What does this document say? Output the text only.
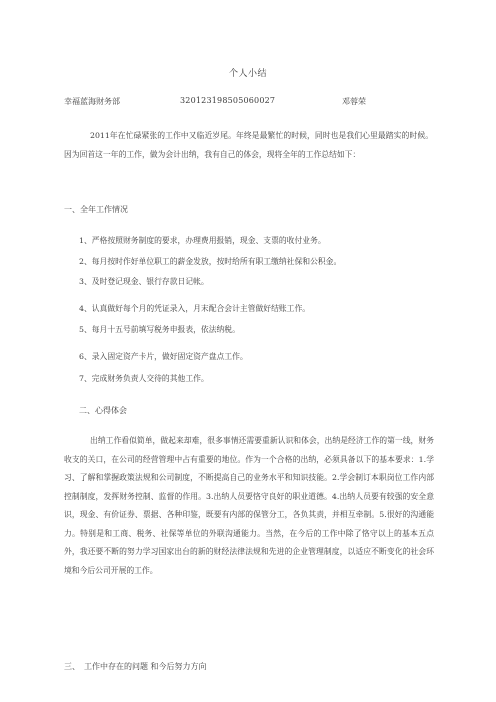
个人小结
幸福蓝海财务部	320123198505060027	邓蓉荣
2011年在忙碌紧张的工作中又临近岁尾。年终是最繁忙的时候，同时也是我们心里最踏实的时候。因为回首这一年的工作，做为会计出纳，我有自己的体会，现将全年的工作总结如下：
一、全年工作情况
1、严格按照财务制度的要求，办理费用报销，现金、支票的收付业务。
2、每月按时作好单位职工的薪金发放，按时给所有职工缴纳社保和公积金。
3、及时登记现金、银行存款日记帐。
4、认真做好每个月的凭证录入，月末配合会计主管做好结账工作。
5、每月十五号前填写税务申报表，依法纳税。
6、录入固定资产卡片，做好固定资产盘点工作。
7、完成财务负责人交待的其他工作。
二、心得体会
出纳工作看似简单，做起来却难，很多事情还需要重新认识和体会，出纳是经济工作的第一线，财务收支的关口，在公司的经营管理中占有重要的地位。作为一个合格的出纳，必须具备以下的基本要求：1.学习、了解和掌握政策法规和公司制度，不断提高自己的业务水平和知识技能。2.学会制订本职岗位工作内部控制制度，发挥财务控制、监督的作用。3.出纳人员要恪守良好的职业道德。4.出纳人员要有较强的安全意识，现金、有价证券、票据、各种印鉴，既要有内部的保管分工，各负其责，并相互牵制。5.很好的沟通能力。特别是和工商、税务、社保等单位的外联沟通能力。当然，在今后的工作中除了恪守以上的基本五点外，我还要不断的努力学习国家出台的新的财经法律法规和先进的企业管理制度，以适应不断变化的社会环境和今后公司开展的工作。
三、　工作中存在的问题 和今后努力方向
